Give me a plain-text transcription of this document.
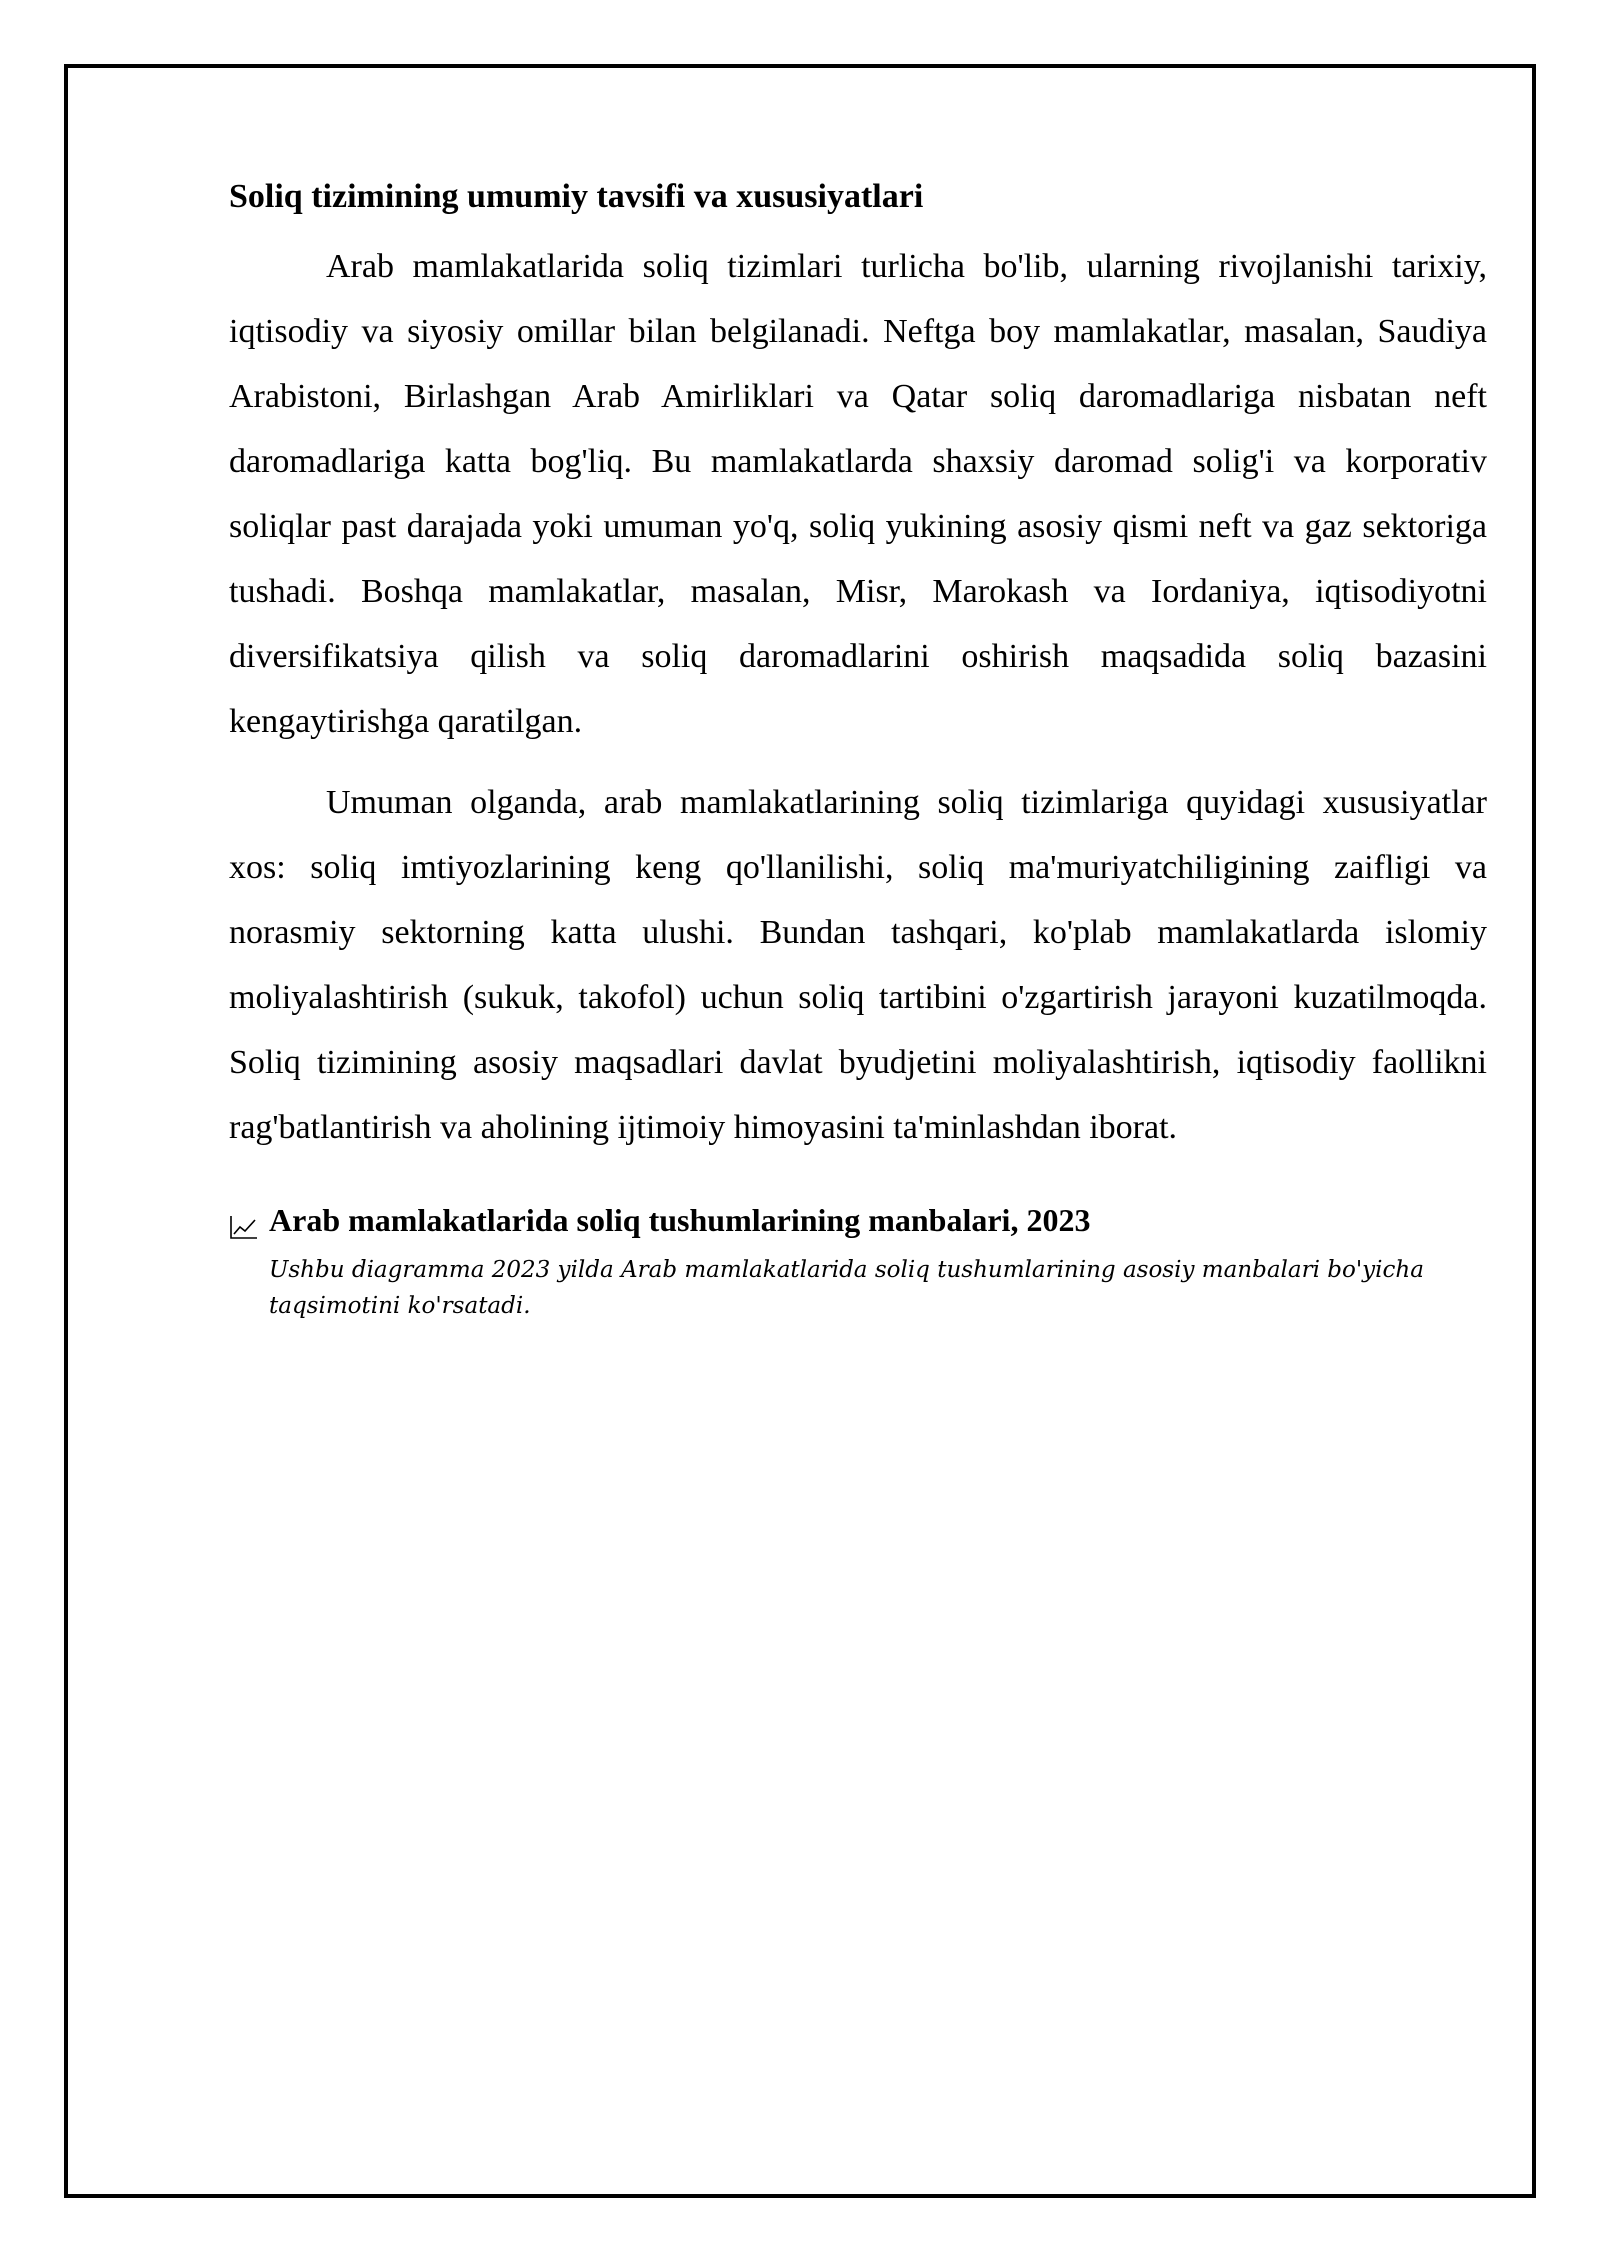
Soliq tizimining umumiy tavsifi va xususiyatlari

Arab mamlakatlarida soliq tizimlari turlicha bo'lib, ularning rivojlanishi tarixiy, iqtisodiy va siyosiy omillar bilan belgilanadi. Neftga boy mamlakatlar, masalan, Saudiya Arabistoni, Birlashgan Arab Amirliklari va Qatar soliq daromadlariga nisbatan neft daromadlariga katta bog'liq. Bu mamlakatlarda shaxsiy daromad solig'i va korporativ soliqlar past darajada yoki umuman yo'q, soliq yukining asosiy qismi neft va gaz sektoriga tushadi. Boshqa mamlakatlar, masalan, Misr, Marokash va Iordaniya, iqtisodiyotni diversifikatsiya qilish va soliq daromadlarini oshirish maqsadida soliq bazasini kengaytirishga qaratilgan.

Umuman olganda, arab mamlakatlarining soliq tizimlariga quyidagi xususiyatlar xos: soliq imtiyozlarining keng qo'llanilishi, soliq ma'muriyatchiligining zaifligi va norasmiy sektorning katta ulushi. Bundan tashqari, ko'plab mamlakatlarda islomiy moliyalashtirish (sukuk, takofol) uchun soliq tartibini o'zgartirish jarayoni kuzatilmoqda. Soliq tizimining asosiy maqsadlari davlat byudjetini moliyalashtirish, iqtisodiy faollikni rag'batlantirish va aholining ijtimoiy himoyasini ta'minlashdan iborat.

Arab mamlakatlarida soliq tushumlarining manbalari, 2023
Ushbu diagramma 2023 yilda Arab mamlakatlarida soliq tushumlarining asosiy manbalari bo'yicha taqsimotini ko'rsatadi.
